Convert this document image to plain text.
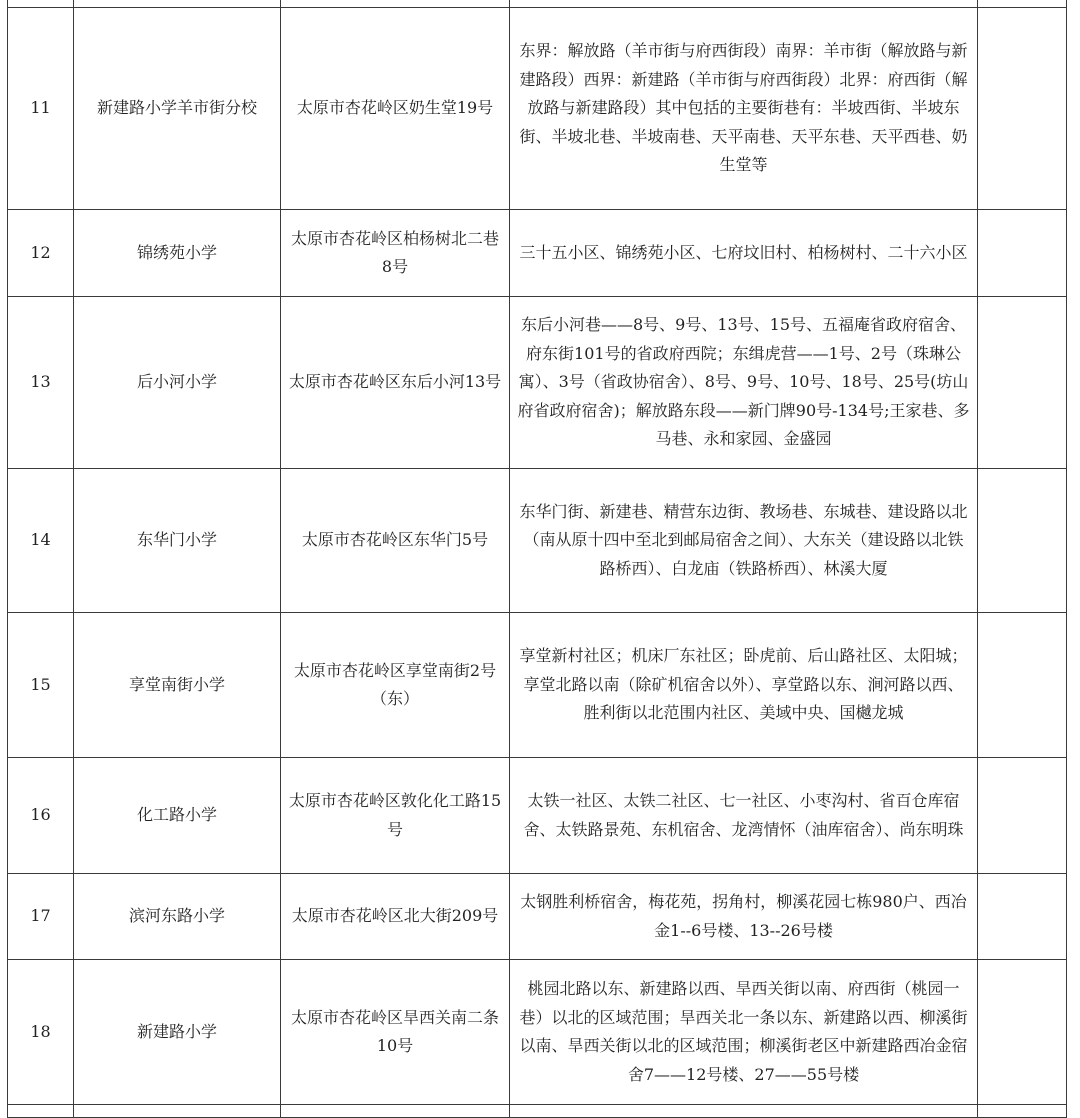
11	新建路小学羊市街分校	太原市杏花岭区奶生堂19号	东界：解放路（羊市街与府西街段）南界：羊市街（解放路与新建路段）西界：新建路（羊市街与府西街段）北界：府西街（解放路与新建路段）其中包括的主要街巷有：半坡西街、半坡东街、半坡北巷、半坡南巷、天平南巷、天平东巷、天平西巷、奶生堂等	
12	锦绣苑小学	太原市杏花岭区柏杨树北二巷8号	三十五小区、锦绣苑小区、七府坟旧村、柏杨树村、二十六小区	
13	后小河小学	太原市杏花岭区东后小河13号	东后小河巷——8号、9号、13号、15号、五福庵省政府宿舍、府东街101号的省政府西院；东缉虎营——1号、2号（珠琳公寓）、3号（省政协宿舍）、8号、9号、10号、18号、25号(坊山府省政府宿舍)；解放路东段——新门牌90号-134号;王家巷、多马巷、永和家园、金盛园	
14	东华门小学	太原市杏花岭区东华门5号	东华门街、新建巷、精营东边街、教场巷、东城巷、建设路以北（南从原十四中至北到邮局宿舍之间）、大东关（建设路以北铁路桥西）、白龙庙（铁路桥西）、林溪大厦	
15	享堂南街小学	太原市杏花岭区享堂南街2号（东）	享堂新村社区；机床厂东社区；卧虎前、后山路社区、太阳城；享堂北路以南（除矿机宿舍以外）、享堂路以东、涧河路以西、胜利街以北范围内社区、美域中央、国樾龙城	
16	化工路小学	太原市杏花岭区敦化化工路15号	太铁一社区、太铁二社区、七一社区、小枣沟村、省百仓库宿舍、太铁路景苑、东机宿舍、龙湾情怀（油库宿舍）、尚东明珠	
17	滨河东路小学	太原市杏花岭区北大街209号	太钢胜利桥宿舍，梅花苑，拐角村，柳溪花园七栋980户、西冶金1--6号楼、13--26号楼	
18	新建路小学	太原市杏花岭区旱西关南二条10号	桃园北路以东、新建路以西、旱西关街以南、府西街（桃园一巷）以北的区域范围；旱西关北一条以东、新建路以西、柳溪街以南、旱西关街以北的区域范围；柳溪街老区中新建路西冶金宿舍7——12号楼、27——55号楼	
